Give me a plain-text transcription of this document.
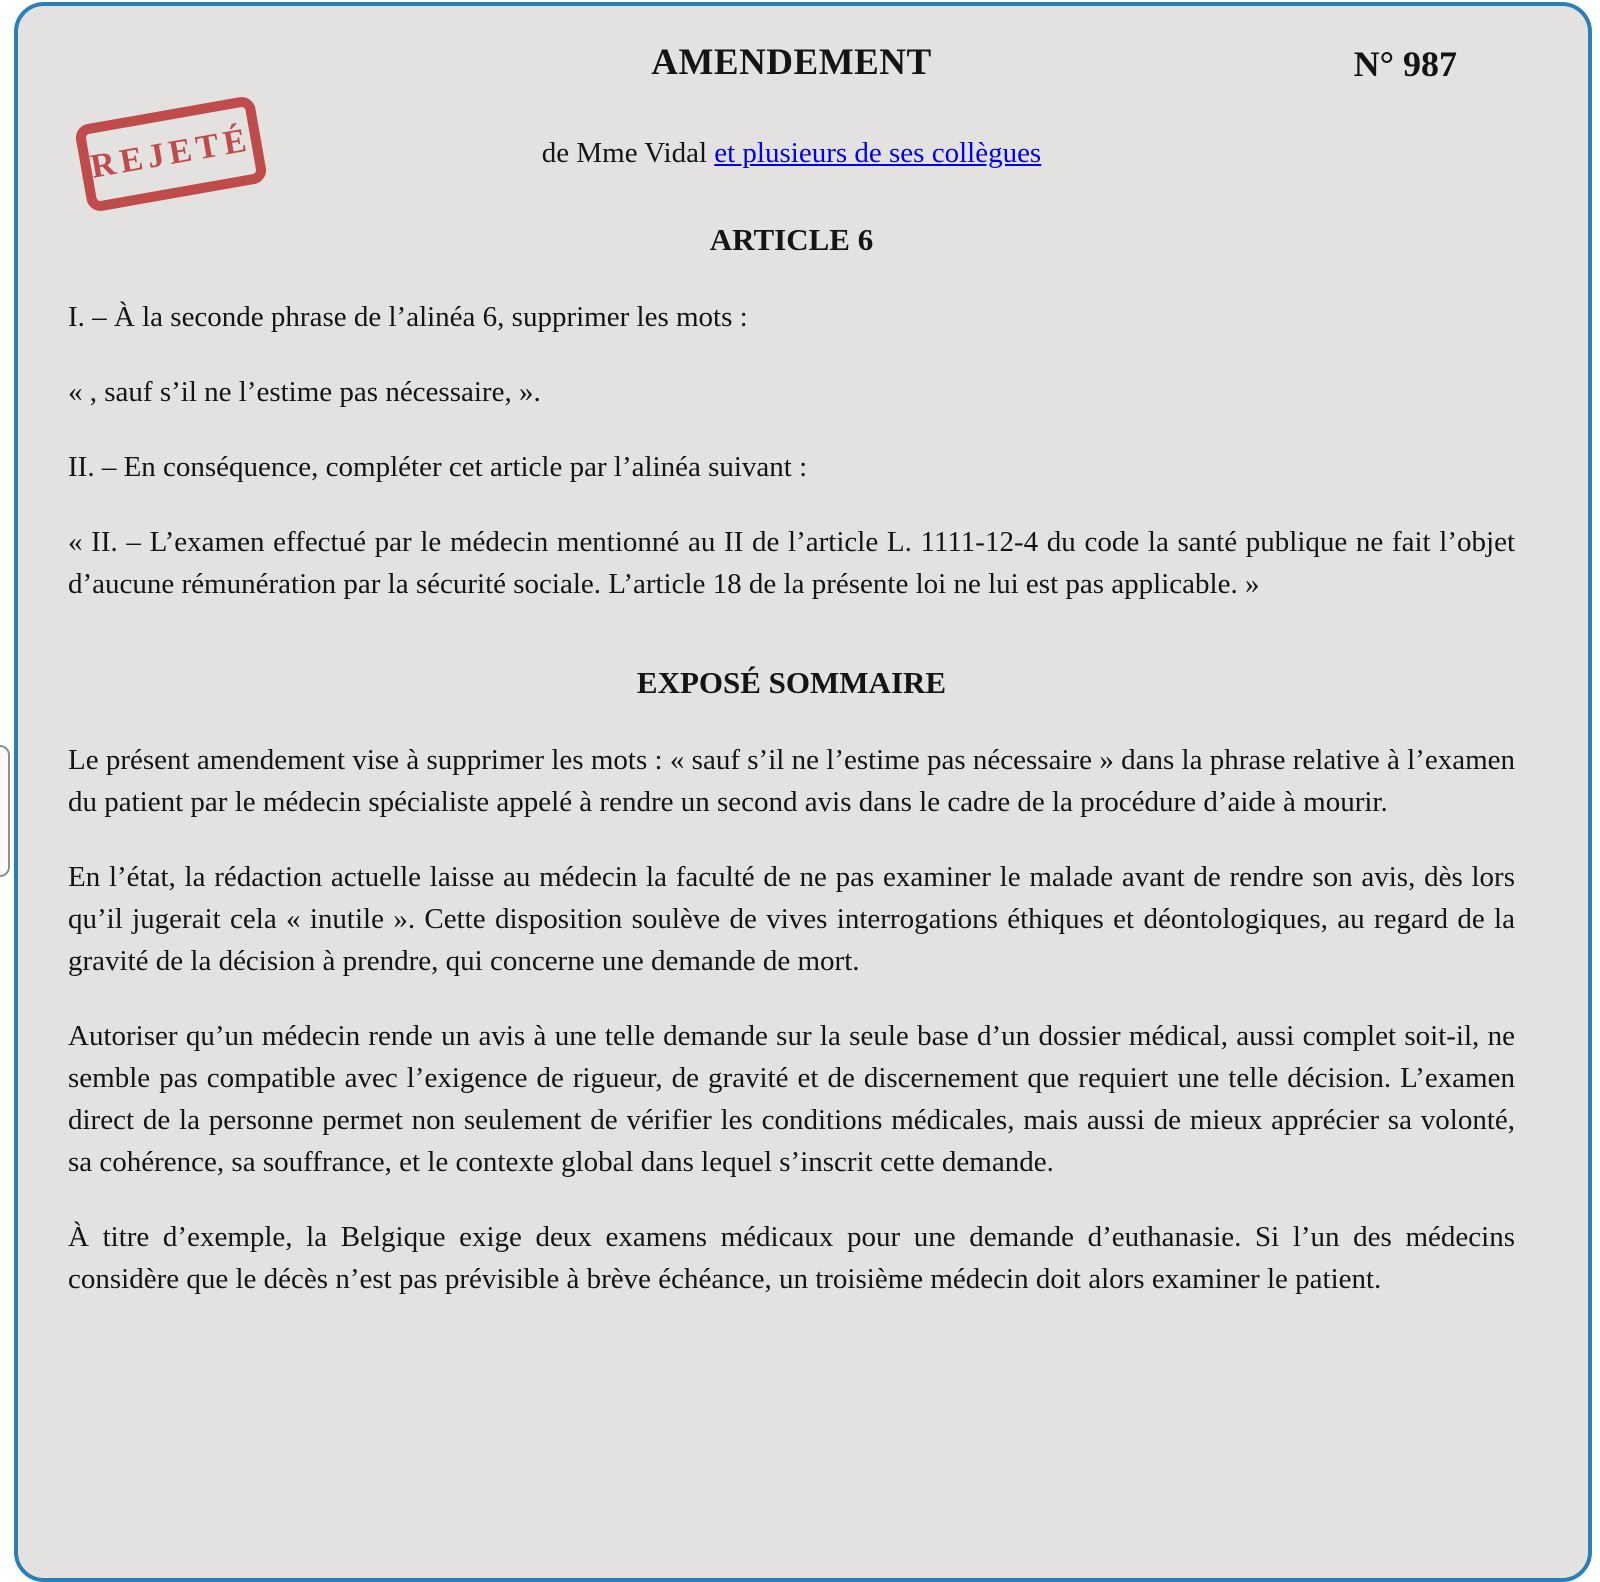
REJETÉ
AMENDEMENT	N° 987
de Mme Vidal et plusieurs de ses collègues
ARTICLE 6

I. – À la seconde phrase de l’alinéa 6, supprimer les mots :

« , sauf s’il ne l’estime pas nécessaire, ».

II. – En conséquence, compléter cet article par l’alinéa suivant :

« II. – L’examen effectué par le médecin mentionné au II de l’article L. 1111-12-4 du code la santé publique ne fait l’objet d’aucune rémunération par la sécurité sociale. L’article 18 de la présente loi ne lui est pas applicable. »

EXPOSÉ SOMMAIRE

Le présent amendement vise à supprimer les mots : « sauf s’il ne l’estime pas nécessaire » dans la phrase relative à l’examen du patient par le médecin spécialiste appelé à rendre un second avis dans le cadre de la procédure d’aide à mourir.

En l’état, la rédaction actuelle laisse au médecin la faculté de ne pas examiner le malade avant de rendre son avis, dès lors qu’il jugerait cela « inutile ». Cette disposition soulève de vives interrogations éthiques et déontologiques, au regard de la gravité de la décision à prendre, qui concerne une demande de mort.

Autoriser qu’un médecin rende un avis à une telle demande sur la seule base d’un dossier médical, aussi complet soit-il, ne semble pas compatible avec l’exigence de rigueur, de gravité et de discernement que requiert une telle décision. L’examen direct de la personne permet non seulement de vérifier les conditions médicales, mais aussi de mieux apprécier sa volonté, sa cohérence, sa souffrance, et le contexte global dans lequel s’inscrit cette demande.

À titre d’exemple, la Belgique exige deux examens médicaux pour une demande d’euthanasie. Si l’un des médecins considère que le décès n’est pas prévisible à brève échéance, un troisième médecin doit alors examiner le patient.
